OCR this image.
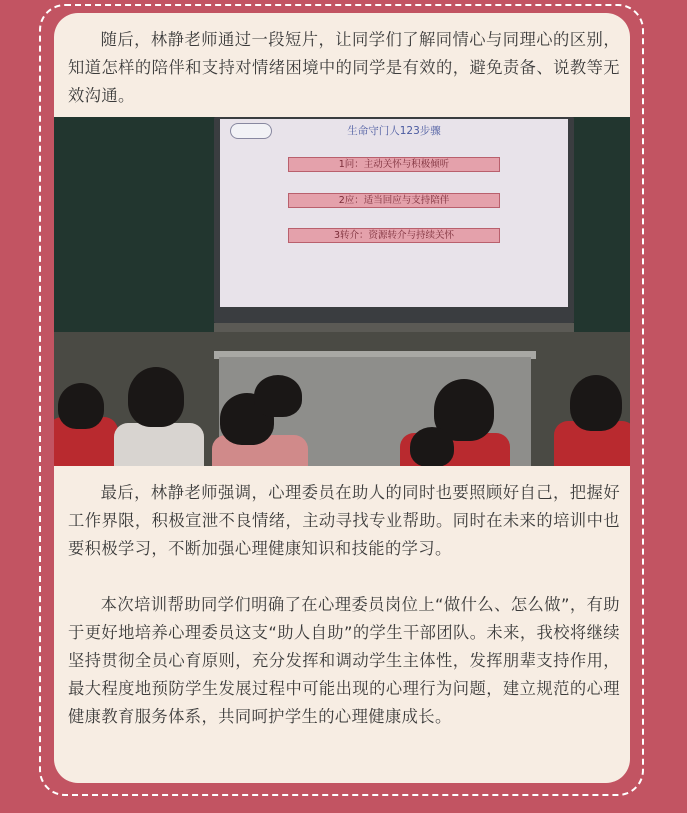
随后，林静老师通过一段短片，让同学们了解同情心与同理心的区别，知道怎样的陪伴和支持对情绪困境中的同学是有效的，避免责备、说教等无效沟通。

生命守门人123步骤
1问：主动关怀与积极倾听
2应：适当回应与支持陪伴
3转介：资源转介与持续关怀

最后，林静老师强调，心理委员在助人的同时也要照顾好自己，把握好工作界限，积极宣泄不良情绪，主动寻找专业帮助。同时在未来的培训中也要积极学习，不断加强心理健康知识和技能的学习。

本次培训帮助同学们明确了在心理委员岗位上“做什么、怎么做”，有助于更好地培养心理委员这支“助人自助”的学生干部团队。未来，我校将继续坚持贯彻全员心育原则，充分发挥和调动学生主体性，发挥朋辈支持作用，最大程度地预防学生发展过程中可能出现的心理行为问题，建立规范的心理健康教育服务体系，共同呵护学生的心理健康成长。
